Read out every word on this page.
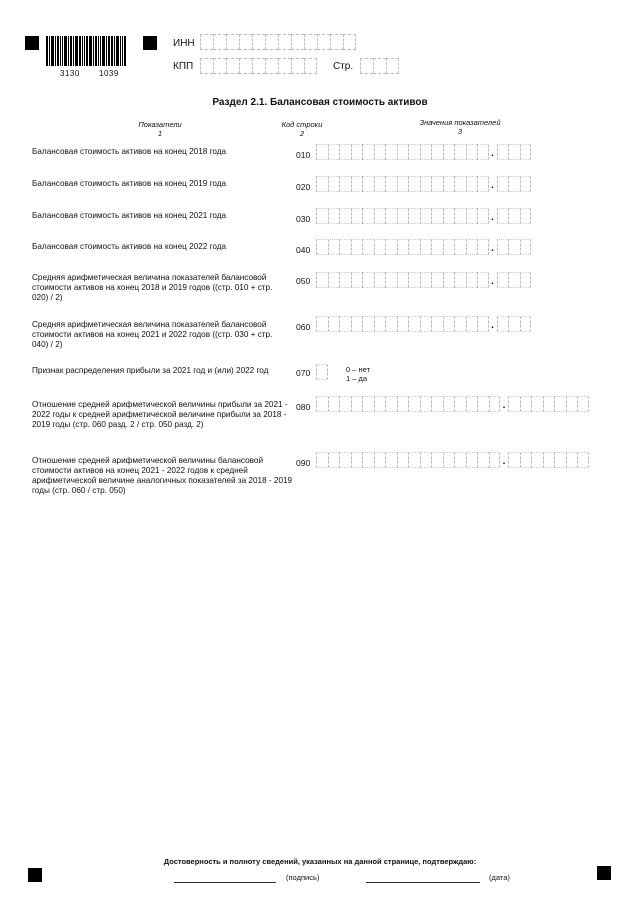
3130 1039
ИНН
КПП	Стр.
Раздел 2.1. Балансовая стоимость активов
Показатели
1
Код строки
2
Значения показателей
3
Балансовая стоимость активов на конец 2018 года	010	.
Балансовая стоимость активов на конец 2019 года	020	.
Балансовая стоимость активов на конец 2021 года	030	.
Балансовая стоимость активов на конец 2022 года	040	.
Средняя арифметическая величина показателей балансовой стоимости активов на конец 2018 и 2019 годов ((стр. 010 + стр. 020) / 2)
050	.
Средняя арифметическая величина показателей балансовой стоимости активов на конец 2021 и 2022 годов ((стр. 030 + стр. 040) / 2)
060	.
Признак распределения прибыли за 2021 год и (или) 2022 год	070	0 – нет
1 – да
Отношение средней арифметической величины прибыли за 2021 - 2022 годы к средней арифметической величине прибыли за 2018 - 2019 годы (стр. 060 разд. 2 / стр. 050 разд. 2)
080	.
Отношение средней арифметической величины балансовой стоимости активов на конец 2021 - 2022 годов к средней арифметической величине аналогичных показателей за 2018 - 2019 годы (стр. 060 / стр. 050)
090	.
Достоверность и полноту сведений, указанных на данной странице, подтверждаю:
(подпись)	(дата)
